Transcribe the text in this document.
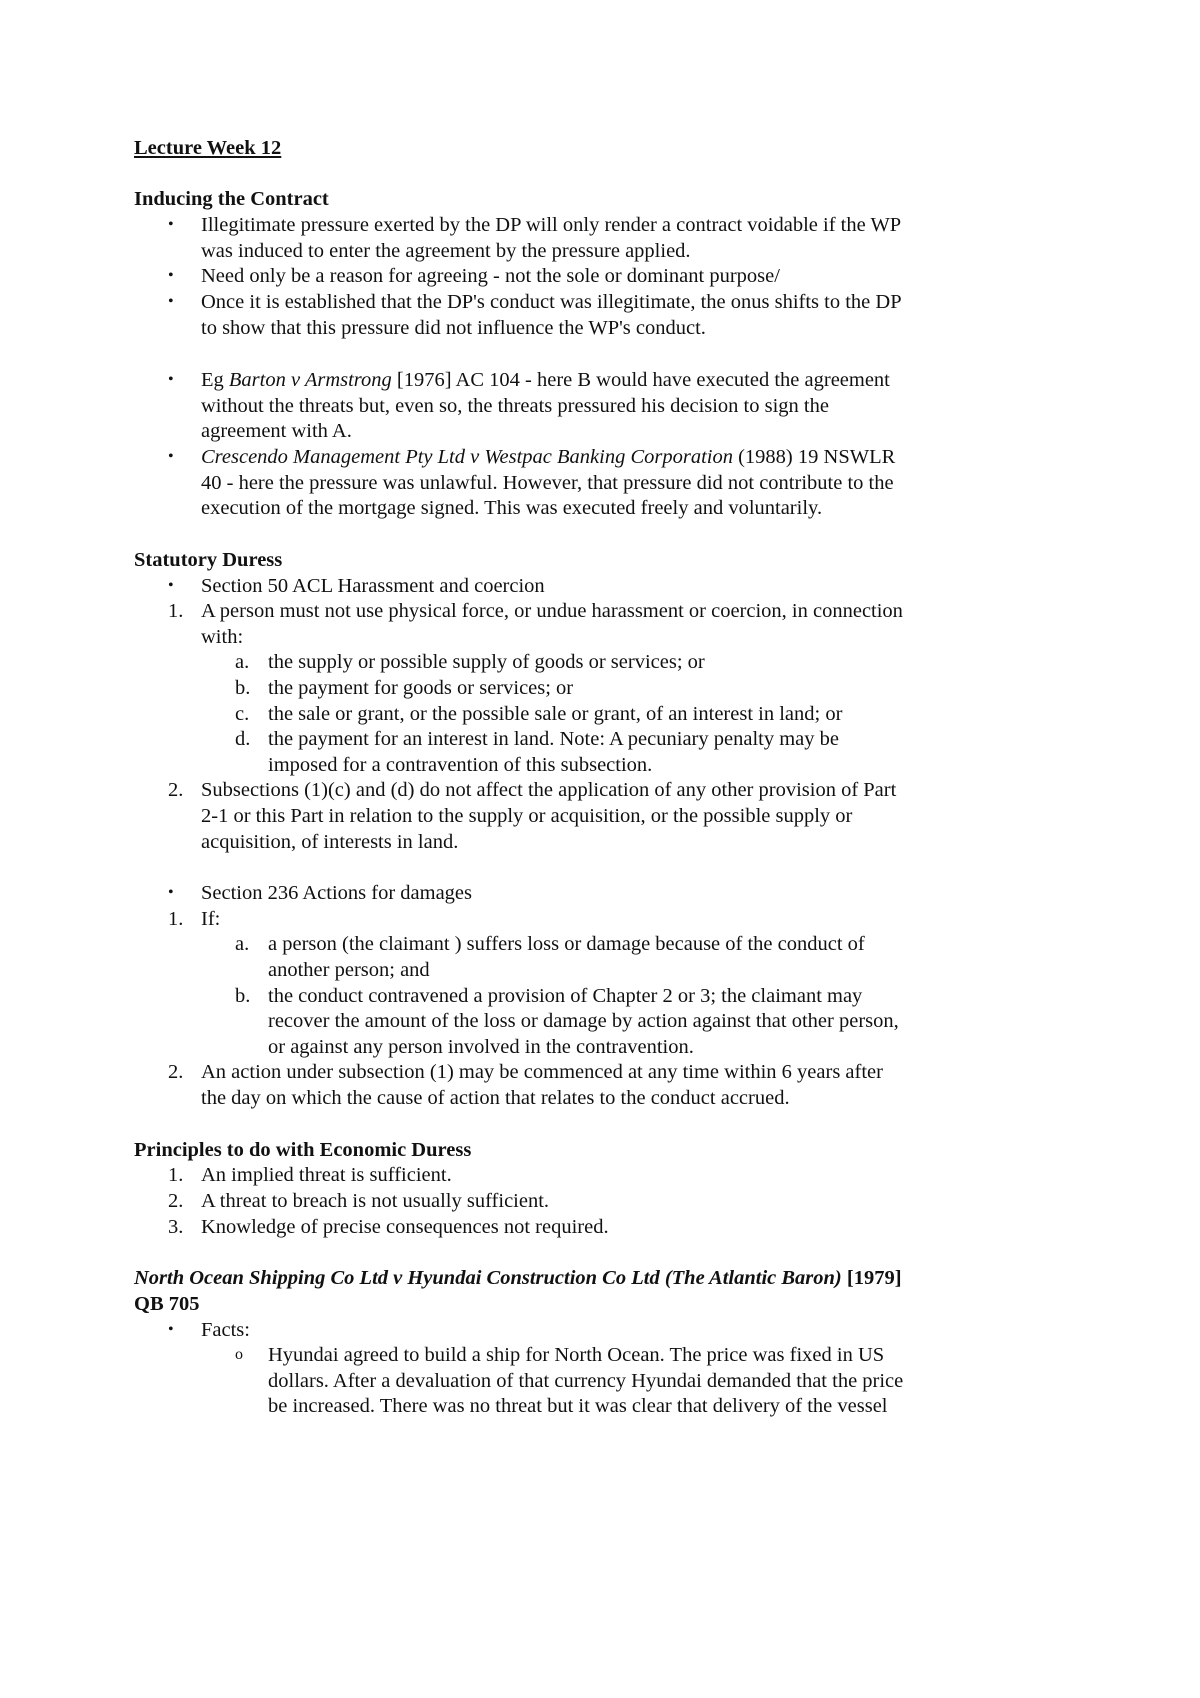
Lecture Week 12
Inducing the Contract
• Illegitimate pressure exerted by the DP will only render a contract voidable if the WP
was induced to enter the agreement by the pressure applied.
• Need only be a reason for agreeing - not the sole or dominant purpose/
• Once it is established that the DP's conduct was illegitimate, the onus shifts to the DP
to show that this pressure did not influence the WP's conduct.
• Eg Barton v Armstrong [1976] AC 104 - here B would have executed the agreement
without the threats but, even so, the threats pressured his decision to sign the
agreement with A.
• Crescendo Management Pty Ltd v Westpac Banking Corporation (1988) 19 NSWLR
40 - here the pressure was unlawful. However, that pressure did not contribute to the
execution of the mortgage signed. This was executed freely and voluntarily.
Statutory Duress
• Section 50 ACL Harassment and coercion
1. A person must not use physical force, or undue harassment or coercion, in connection
with:
a. the supply or possible supply of goods or services; or
b. the payment for goods or services; or
c. the sale or grant, or the possible sale or grant, of an interest in land; or
d. the payment for an interest in land. Note: A pecuniary penalty may be
imposed for a contravention of this subsection.
2. Subsections (1)(c) and (d) do not affect the application of any other provision of Part
2-1 or this Part in relation to the supply or acquisition, or the possible supply or
acquisition, of interests in land.
• Section 236 Actions for damages
1. If:
a. a person (the claimant ) suffers loss or damage because of the conduct of
another person; and
b. the conduct contravened a provision of Chapter 2 or 3; the claimant may
recover the amount of the loss or damage by action against that other person,
or against any person involved in the contravention.
2. An action under subsection (1) may be commenced at any time within 6 years after
the day on which the cause of action that relates to the conduct accrued.
Principles to do with Economic Duress
1. An implied threat is sufficient.
2. A threat to breach is not usually sufficient.
3. Knowledge of precise consequences not required.
North Ocean Shipping Co Ltd v Hyundai Construction Co Ltd (The Atlantic Baron) [1979]
QB 705
• Facts:
o Hyundai agreed to build a ship for North Ocean. The price was fixed in US
dollars. After a devaluation of that currency Hyundai demanded that the price
be increased. There was no threat but it was clear that delivery of the vessel
